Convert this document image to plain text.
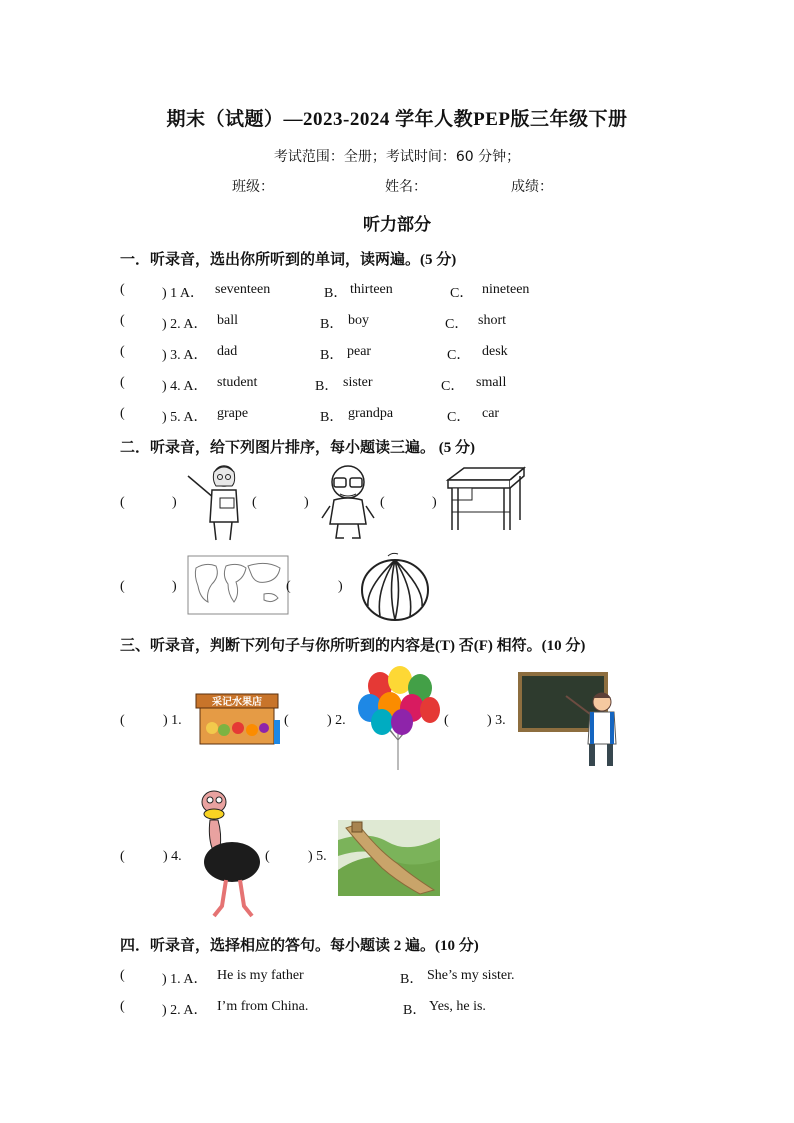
期末（试题）—2023-2024 学年人教PEP版三年级下册
考试范围：全册；考试时间：60 分钟；
班级：	姓名：	成绩：
听力部分
一．听录音，选出你所听到的单词，读两遍。(5 分)
(	) 1 A． seventeen	B． thirteen	C． nineteen
(	) 2. A． ball	B． boy	C． short
(	) 3. A． dad	B． pear	C． desk
(	) 4. A． student	B． sister	C． small
(	) 5. A． grape	B． grandpa	C． car
二．听录音，给下列图片排序，每小题读三遍。 (5 分)
(	)	(	)	(	)
(	)	(	)
三、听录音，判断下列句子与你所听到的内容是(T) 否(F) 相符。(10 分)
(	) 1.
采记水果店
(	) 2.	(	) 3.
(	) 4.	(	) 5.
四．听录音，选择相应的答句。每小题读 2 遍。(10 分)
(	) 1. A． He is my father	B． She’s my sister.
(	) 2. A． I’m from China.	B． Yes, he is.
